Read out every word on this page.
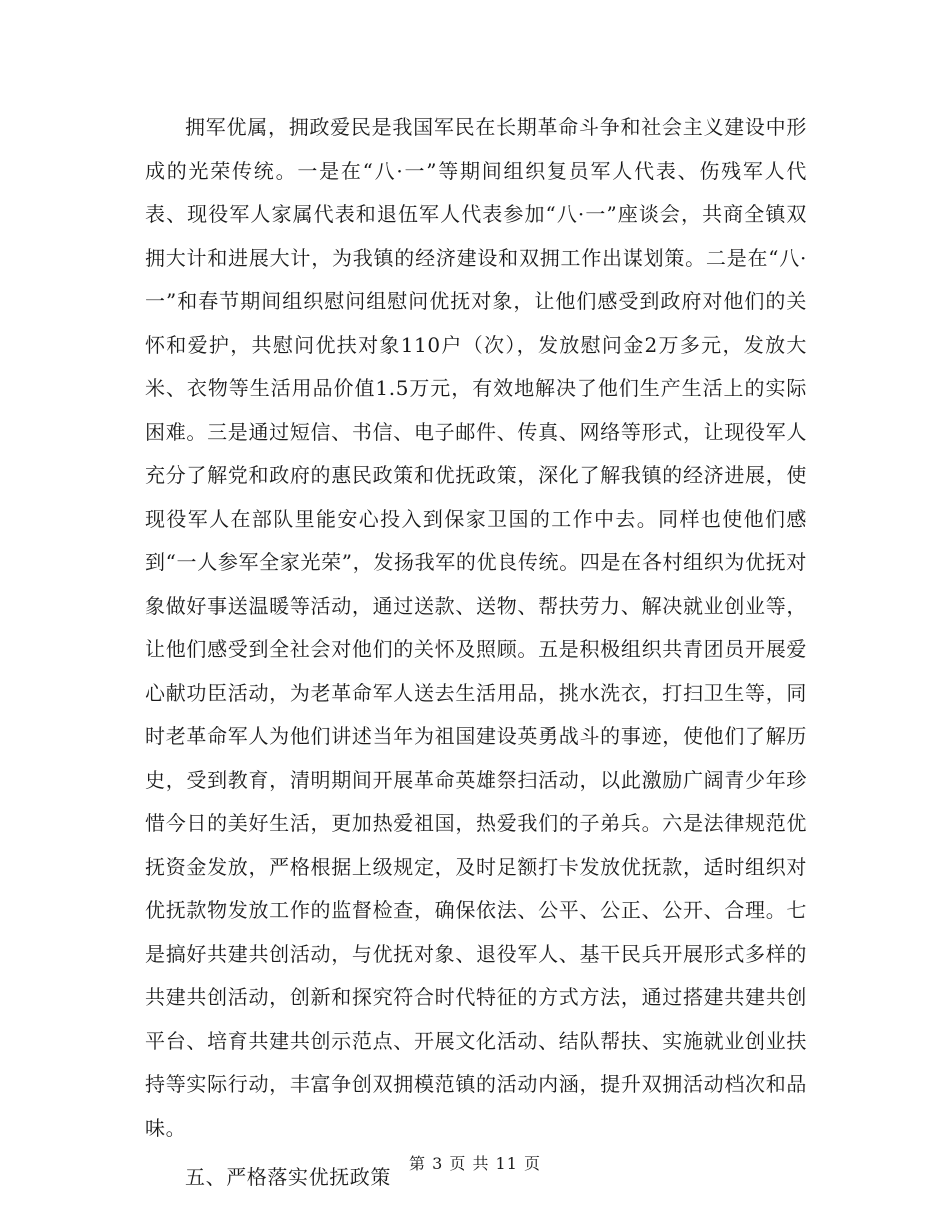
拥军优属，拥政爱民是我国军民在长期革命斗争和社会主义建设中形成的光荣传统。一是在“八·一”等期间组织复员军人代表、伤残军人代表、现役军人家属代表和退伍军人代表参加“八·一”座谈会，共商全镇双拥大计和进展大计，为我镇的经济建设和双拥工作出谋划策。二是在“八·一”和春节期间组织慰问组慰问优抚对象，让他们感受到政府对他们的关怀和爱护，共慰问优扶对象110户（次），发放慰问金2万多元，发放大米、衣物等生活用品价值1.5万元，有效地解决了他们生产生活上的实际困难。三是通过短信、书信、电子邮件、传真、网络等形式，让现役军人充分了解党和政府的惠民政策和优抚政策，深化了解我镇的经济进展，使现役军人在部队里能安心投入到保家卫国的工作中去。同样也使他们感到“一人参军全家光荣”，发扬我军的优良传统。四是在各村组织为优抚对象做好事送温暖等活动，通过送款、送物、帮扶劳力、解决就业创业等，让他们感受到全社会对他们的关怀及照顾。五是积极组织共青团员开展爱心献功臣活动，为老革命军人送去生活用品，挑水洗衣，打扫卫生等，同时老革命军人为他们讲述当年为祖国建设英勇战斗的事迹，使他们了解历史，受到教育，清明期间开展革命英雄祭扫活动，以此激励广阔青少年珍惜今日的美好生活，更加热爱祖国，热爱我们的子弟兵。六是法律规范优抚资金发放，严格根据上级规定，及时足额打卡发放优抚款，适时组织对优抚款物发放工作的监督检查，确保依法、公平、公正、公开、合理。七是搞好共建共创活动，与优抚对象、退役军人、基干民兵开展形式多样的共建共创活动，创新和探究符合时代特征的方式方法，通过搭建共建共创平台、培育共建共创示范点、开展文化活动、结队帮扶、实施就业创业扶持等实际行动，丰富争创双拥模范镇的活动内涵，提升双拥活动档次和品味。

五、严格落实优抚政策

第 3 页 共 11 页
